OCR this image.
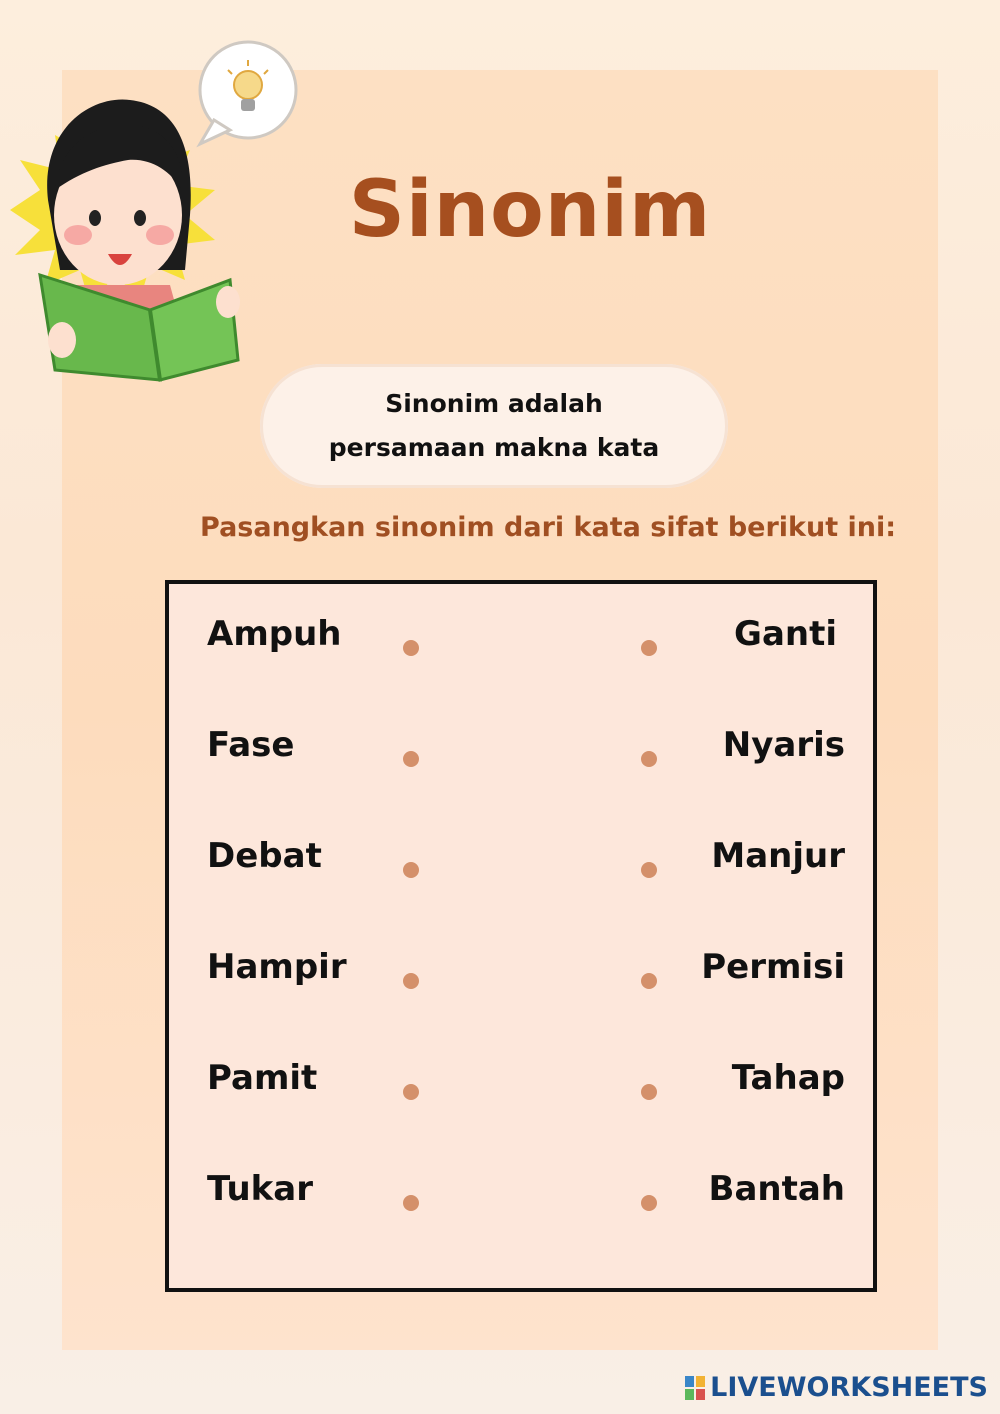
Sinonim
Sinonim adalah persamaan makna kata
Pasangkan sinonim dari kata sifat berikut ini:
Ampuh	Ganti
Fase	Nyaris
Debat	Manjur
Hampir	Permisi
Pamit	Tahap
Tukar	Bantah
LIVEWORKSHEETS
